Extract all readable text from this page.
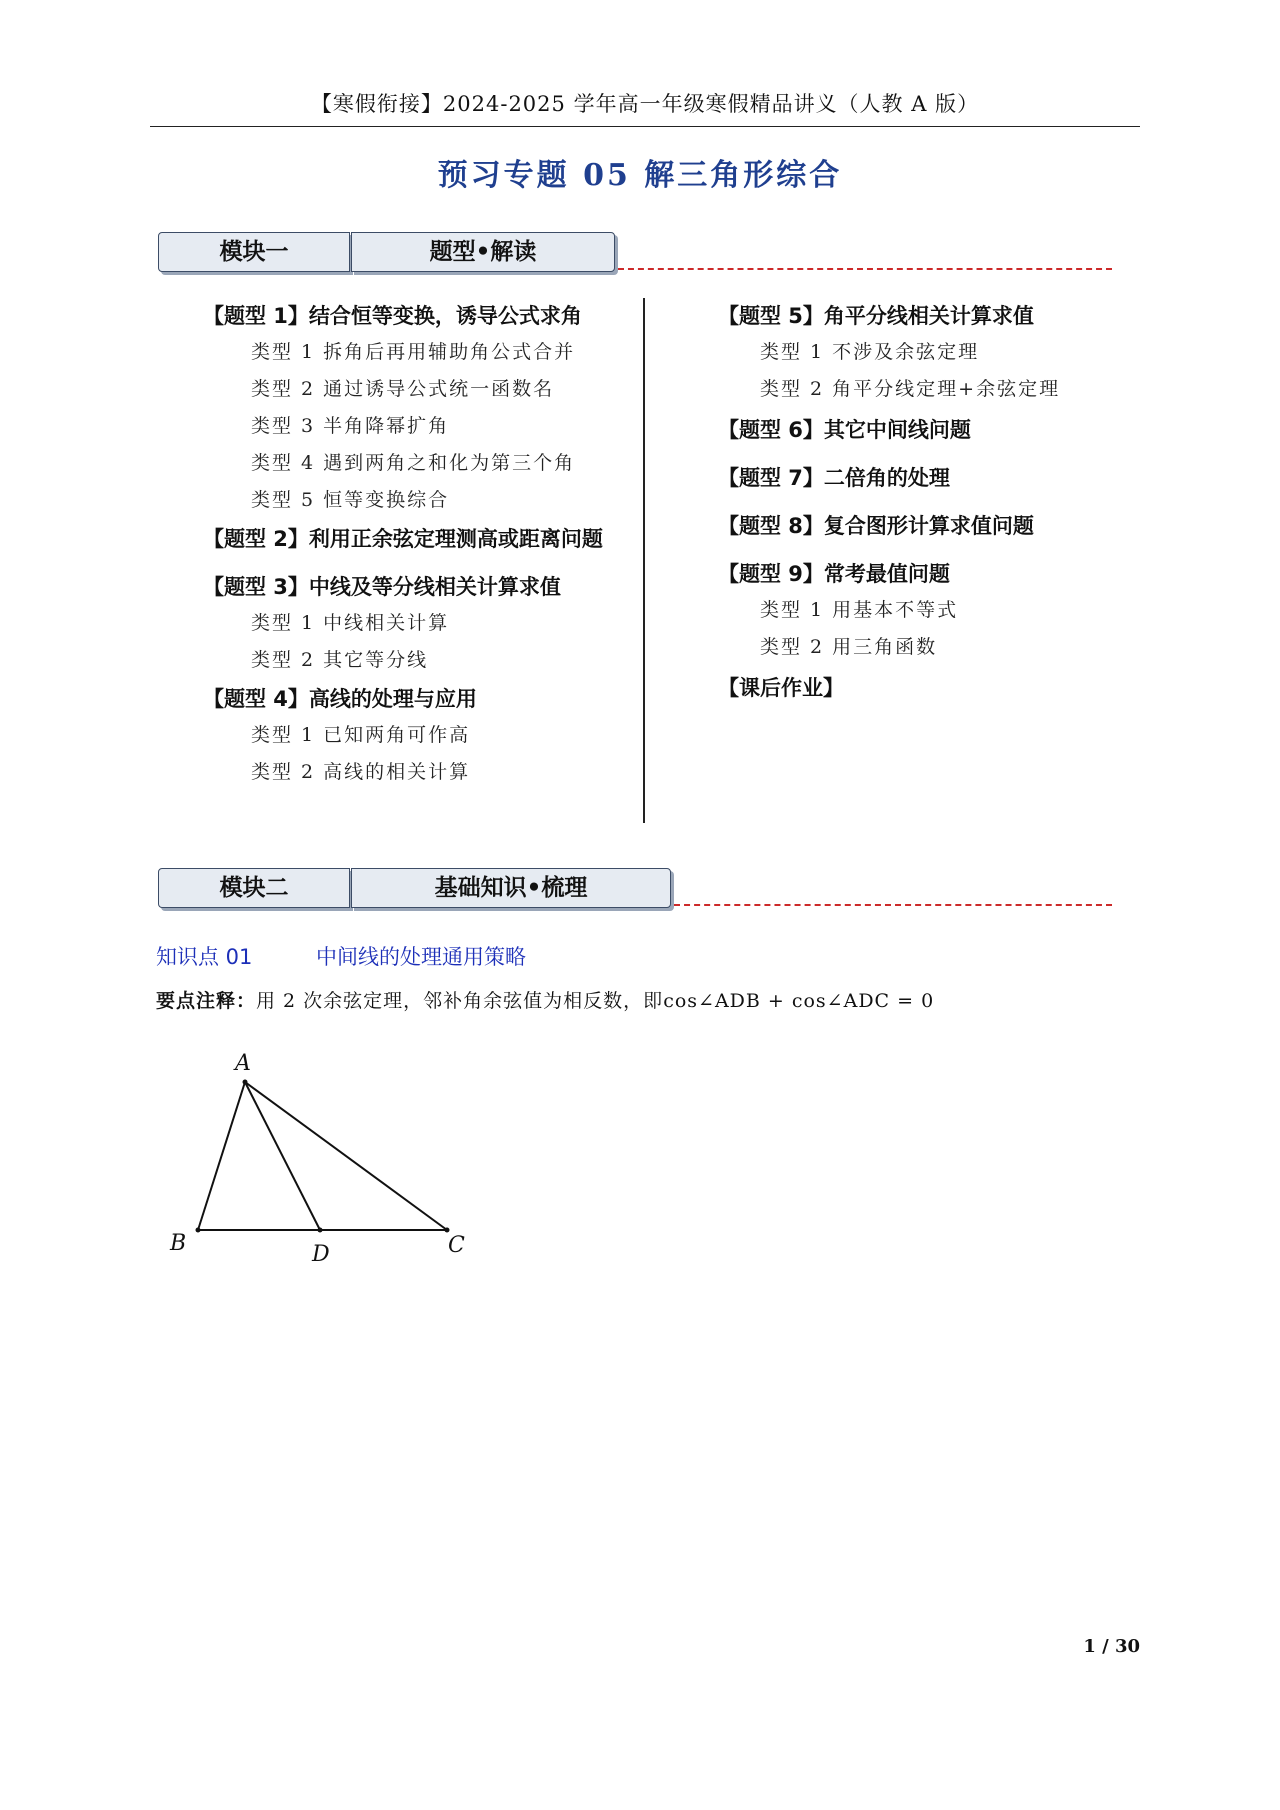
【寒假衔接】2024-2025 学年高一年级寒假精品讲义（人教 A 版）
预习专题 05 解三角形综合
模块一	题型•解读
【题型 1】结合恒等变换，诱导公式求角
类型 1 拆角后再用辅助角公式合并
类型 2 通过诱导公式统一函数名
类型 3 半角降幂扩角
类型 4 遇到两角之和化为第三个角
类型 5 恒等变换综合
【题型 2】利用正余弦定理测高或距离问题
【题型 3】中线及等分线相关计算求值
类型 1 中线相关计算
类型 2 其它等分线
【题型 4】高线的处理与应用
类型 1 已知两角可作高
类型 2 高线的相关计算
【题型 5】角平分线相关计算求值
类型 1 不涉及余弦定理
类型 2 角平分线定理+余弦定理
【题型 6】其它中间线问题
【题型 7】二倍角的处理
【题型 8】复合图形计算求值问题
【题型 9】常考最值问题
类型 1 用基本不等式
类型 2 用三角函数
【课后作业】
模块二	基础知识•梳理
知识点 01	中间线的处理通用策略
要点注释：用 2 次余弦定理，邻补角余弦值为相反数，即cos∠ADB + cos∠ADC = 0
A
B	C
D
1 / 30
